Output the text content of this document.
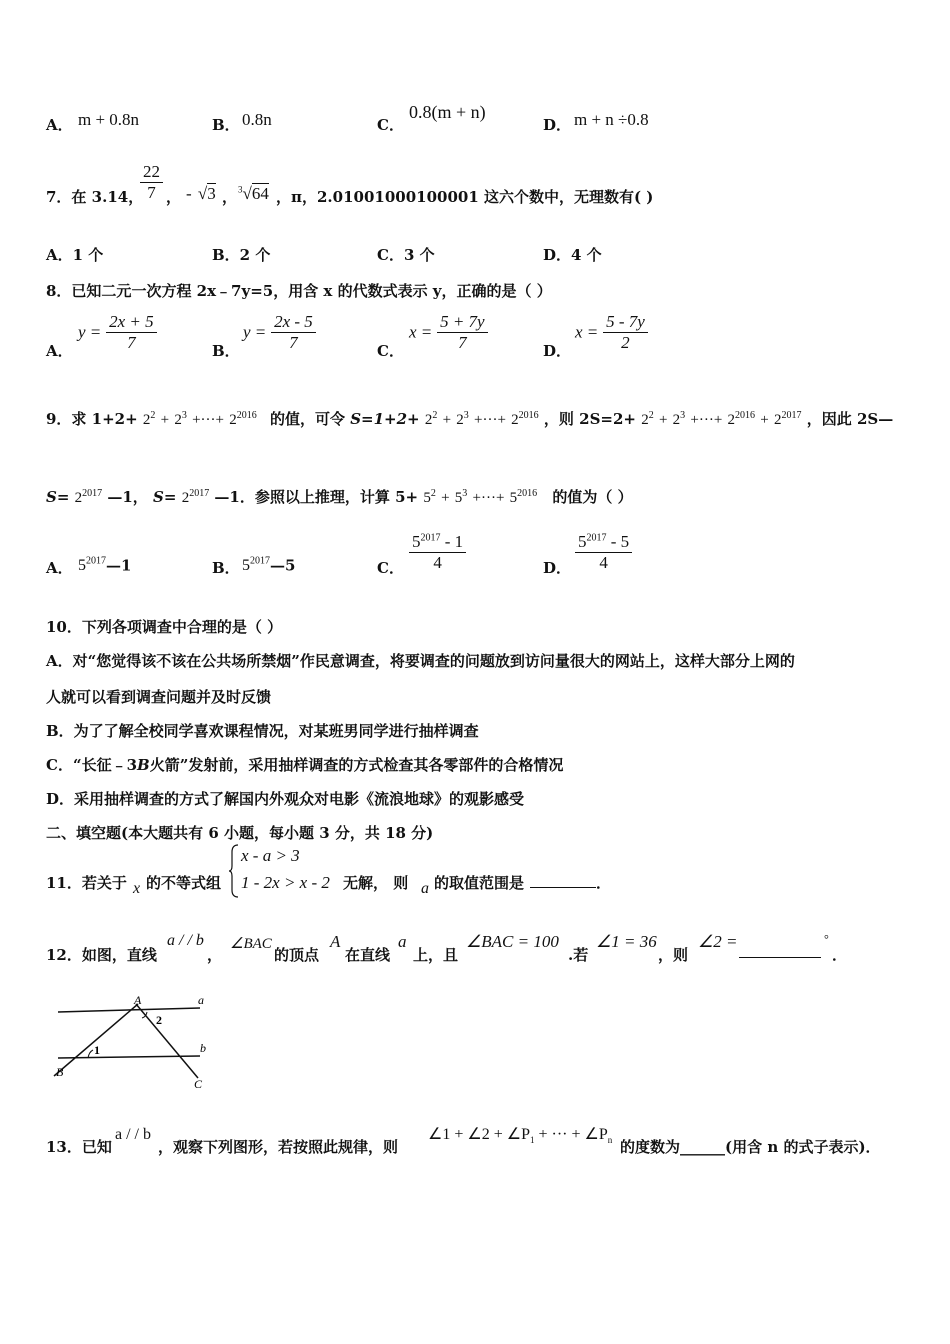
A． m + 0.8n	B． 0.8n	C．
0.8(m + n)
D． m + n ÷0.8
7．在 3.14，
$\frac{22}{7}$ ， - √3 ， $^3$√64 ，π，2.01001000100001 这六个数中，无理数有( )
A．1 个	B．2 个	C．3 个	D．4 个
8．已知二元一次方程 2x﹣7y=5，用含 x 的代数式表示 y，正确的是（ ）
A．
$y = \frac{2x + 5}{7}$	B．
$y = \frac{2x - 5}{7}$	C．
$x = \frac{5 + 7y}{7}$	D．
$x = \frac{5 - 7y}{2}$
9．求 $1+2+ 2^2 + 2^3$ +···+ $2^{2016}$ 的值，可令 $S=1+2+ 2^2 + 2^3$ +···+ $2^{2016}$ ，则 $2S=2+ 2^2 + 2^3$ +···+ $2^{2016} + 2^{2017}$ ，因此 2S—
$S= 2^{2017}$ —1， $S= 2^{2017}$ —1．参照以上推理，计算 $5+ 5^2 + 5^3$ +···+ $5^{2016}$ 的值为（ ）
A． $5^{2017}—1$	B． $5^{2017}—5$	C． $\frac{5^{2017} - 1}{4}$	D． $\frac{5^{2017} - 5}{4}$
10．下列各项调查中合理的是（ ）
A．对“您觉得该不该在公共场所禁烟”作民意调查，将要调查的问题放到访问量很大的网站上，这样大部分上网的
人就可以看到调查问题并及时反馈
B．为了了解全校同学喜欢课程情况，对某班男同学进行抽样调查
C．“长征﹣3B火箭”发射前，采用抽样调查的方式检查其各零部件的合格情况
D．采用抽样调查的方式了解国内外观众对电影《流浪地球》的观影感受
二、填空题(本大题共有 6 小题，每小题 3 分，共 18 分)
11．若关于 x 的不等式组
x - a > 3
1 - 2x > x - 2 无解， 则 a 的取值范围是	．
12．如图，直线
a / / b
，
∠BAC
的顶点
A
在直线
a
上，且
∠BAC = 100
.若
∠1 = 36
，则
∠2 =	°
．
A	a
2
1	b
B
C
13．已知
a / / b
，观察下列图形，若按照此规律，则
∠1 + ∠2 + $\angle P_1$ + ··· + $\angle P_n$ 的度数为______(用含 n 的式子表示)．
